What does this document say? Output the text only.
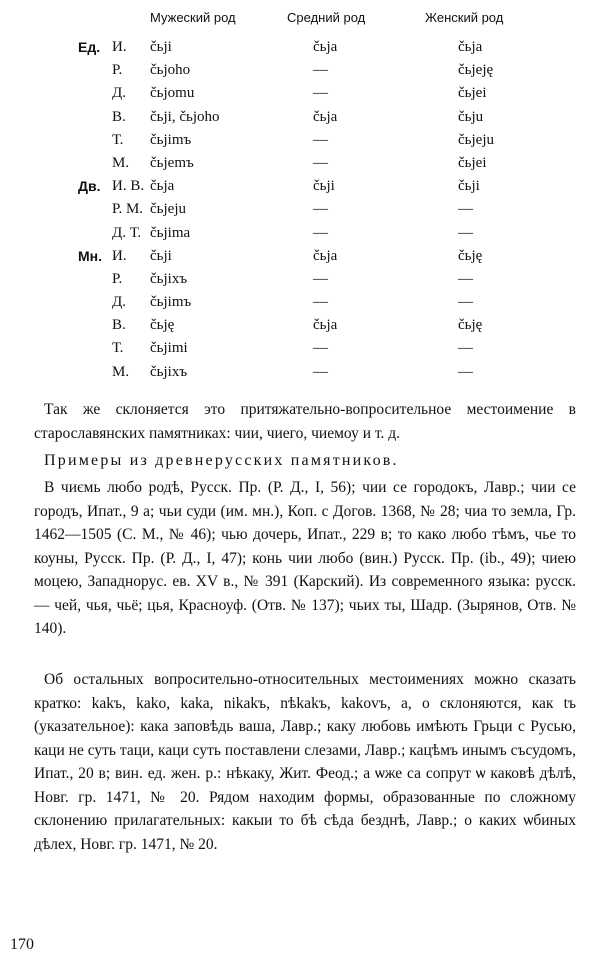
Мужеский род	Средний род	Женский род
Ед. И. čьji	čьja	čьja
Р. čьjoho	—	čьjeję
Д. čьjomu	—	čьjei
В. čьji, čьjoho	čьja	čьju
Т. čьjimъ	—	čьjeju
М. čьjemъ	—	čьjei
Дв. И. В. čьja	čьji	čьji
Р. М. čьjeju	—	—
Д. Т. čьjima	—	—
Мн. И. čьji	čьja	čьję
Р. čьjixъ	—	—
Д. čьjimъ	—	—
В. čьję	čьja	čьję
Т. čьjimi	—	—
М. čьjixъ	—	—

Так же склоняется это притяжательно-вопросительное местоимение в старославянских памятниках: чии, чиего, чиемоу и т. д.

Примеры из древнерусских памятников.

В чиємь любо родѣ, Русск. Пр. (Р. Д., I, 56); чии се городокъ, Лавр.; чии се городъ, Ипат., 9 а; чьи суди (им. мн.), Коп. с Догов. 1368, № 28; чиа то земла, Гр. 1462—1505 (С. М., № 46); чью дочерь, Ипат., 229 в; то како любо тѣмъ, чье то коуны, Русск. Пр. (Р. Д., I, 47); конь чии любо (вин.) Русск. Пр. (ib., 49); чиею моцею, Западнорус. ев. XV в., № 391 (Карский). Из современного языка: русск. — чей, чья, чьё; цья, Красноуф. (Отв. № 137); чьих ты, Шадр. (Зырянов, Отв. № 140).

Об остальных вопросительно-относительных местоимениях можно сказать кратко: kakъ, kako, kaka, nikakъ, nѣkakъ, kakovъ, a, o склоняются, как tъ (указательное): кака заповѣдь ваша, Лавр.; каку любовь имѣють Грьци с Русью, каци не суть таци, каци суть поставлени слезами, Лавр.; кацѣмъ инымъ съсудомъ, Ипат., 20 в; вин. ед. жен. р.: нѣкаку, Жит. Феод.; а ѡже са сопрут ѡ каковѣ дѣлѣ, Новг. гр. 1471, № 20. Рядом находим формы, образованные по сложному склонению прилагательных: какыи то бѣ сѣда безднѣ, Лавр.; о каких ѡбиных дѣлех, Новг. гр. 1471, № 20.

170
